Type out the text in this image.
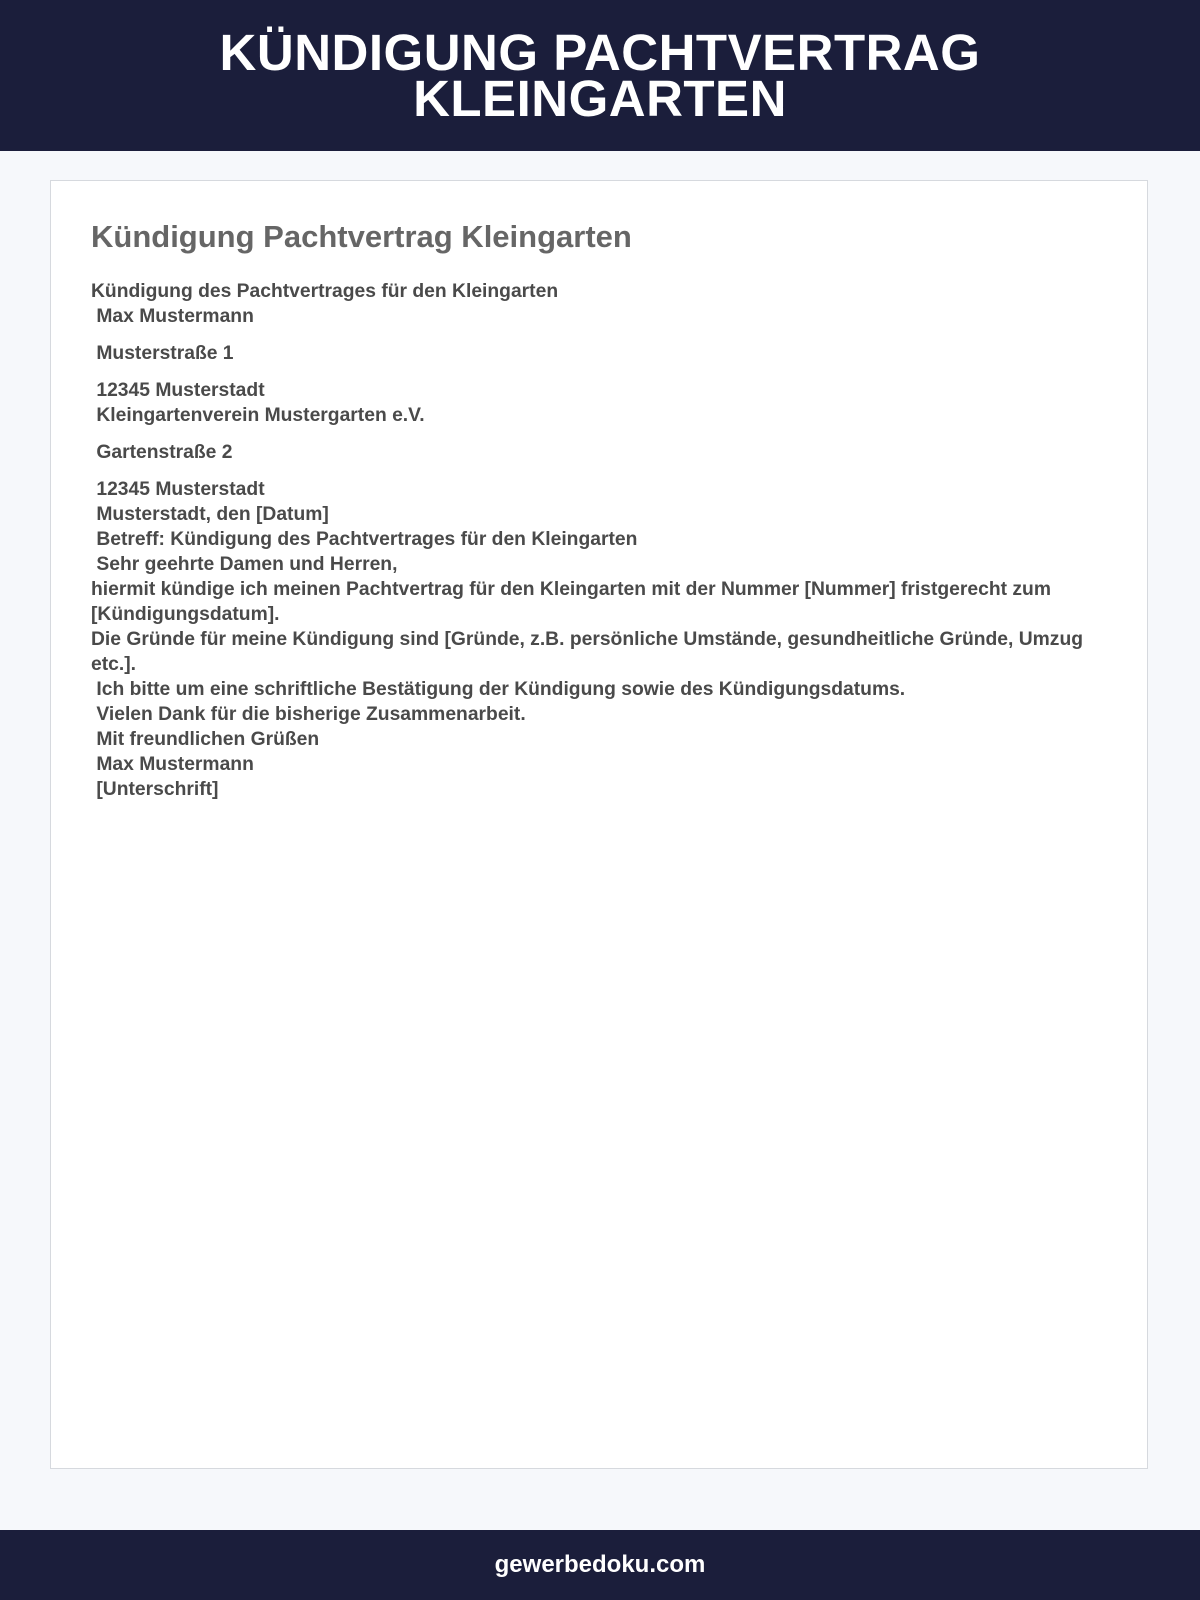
KÜNDIGUNG PACHTVERTRAG KLEINGARTEN
Kündigung Pachtvertrag Kleingarten
Kündigung des Pachtvertrages für den Kleingarten
Max Mustermann
Musterstraße 1
12345 Musterstadt
Kleingartenverein Mustergarten e.V.
Gartenstraße 2
12345 Musterstadt
Musterstadt, den [Datum]
Betreff: Kündigung des Pachtvertrages für den Kleingarten
Sehr geehrte Damen und Herren,
hiermit kündige ich meinen Pachtvertrag für den Kleingarten mit der Nummer [Nummer] fristgerecht zum [Kündigungsdatum].
Die Gründe für meine Kündigung sind [Gründe, z.B. persönliche Umstände, gesundheitliche Gründe, Umzug etc.].
Ich bitte um eine schriftliche Bestätigung der Kündigung sowie des Kündigungsdatums.
Vielen Dank für die bisherige Zusammenarbeit.
Mit freundlichen Grüßen
Max Mustermann
[Unterschrift]
gewerbedoku.com
